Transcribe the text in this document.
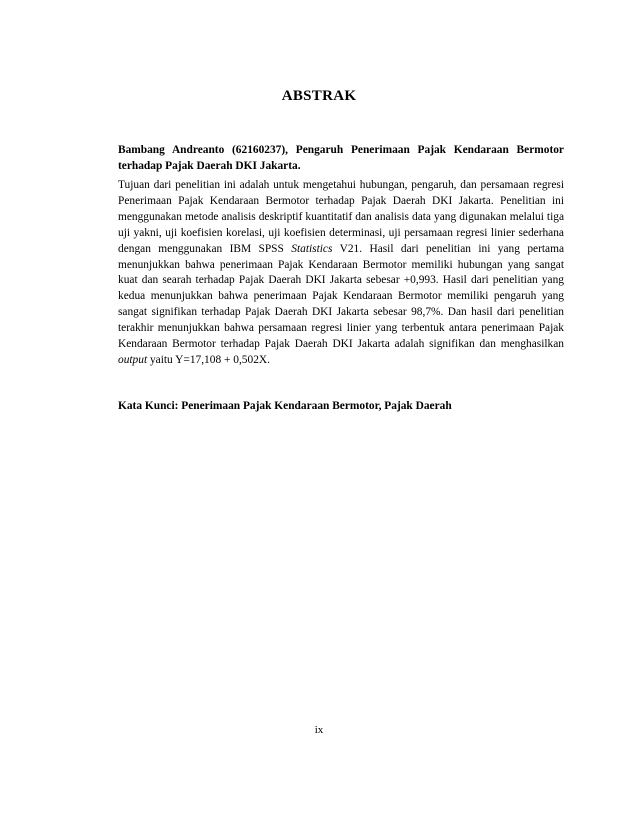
ABSTRAK
Bambang Andreanto (62160237), Pengaruh Penerimaan Pajak Kendaraan Bermotor terhadap Pajak Daerah DKI Jakarta.
Tujuan dari penelitian ini adalah untuk mengetahui hubungan, pengaruh, dan persamaan regresi Penerimaan Pajak Kendaraan Bermotor terhadap Pajak Daerah DKI Jakarta. Penelitian ini menggunakan metode analisis deskriptif kuantitatif dan analisis data yang digunakan melalui tiga uji yakni, uji koefisien korelasi, uji koefisien determinasi, uji persamaan regresi linier sederhana dengan menggunakan IBM SPSS Statistics V21. Hasil dari penelitian ini yang pertama menunjukkan bahwa penerimaan Pajak Kendaraan Bermotor memiliki hubungan yang sangat kuat dan searah terhadap Pajak Daerah DKI Jakarta sebesar +0,993. Hasil dari penelitian yang kedua menunjukkan bahwa penerimaan Pajak Kendaraan Bermotor memiliki pengaruh yang sangat signifikan terhadap Pajak Daerah DKI Jakarta sebesar 98,7%. Dan hasil dari penelitian terakhir menunjukkan bahwa persamaan regresi linier yang terbentuk antara penerimaan Pajak Kendaraan Bermotor terhadap Pajak Daerah DKI Jakarta adalah signifikan dan menghasilkan output yaitu Y=17,108 + 0,502X.
Kata Kunci: Penerimaan Pajak Kendaraan Bermotor, Pajak Daerah
ix
